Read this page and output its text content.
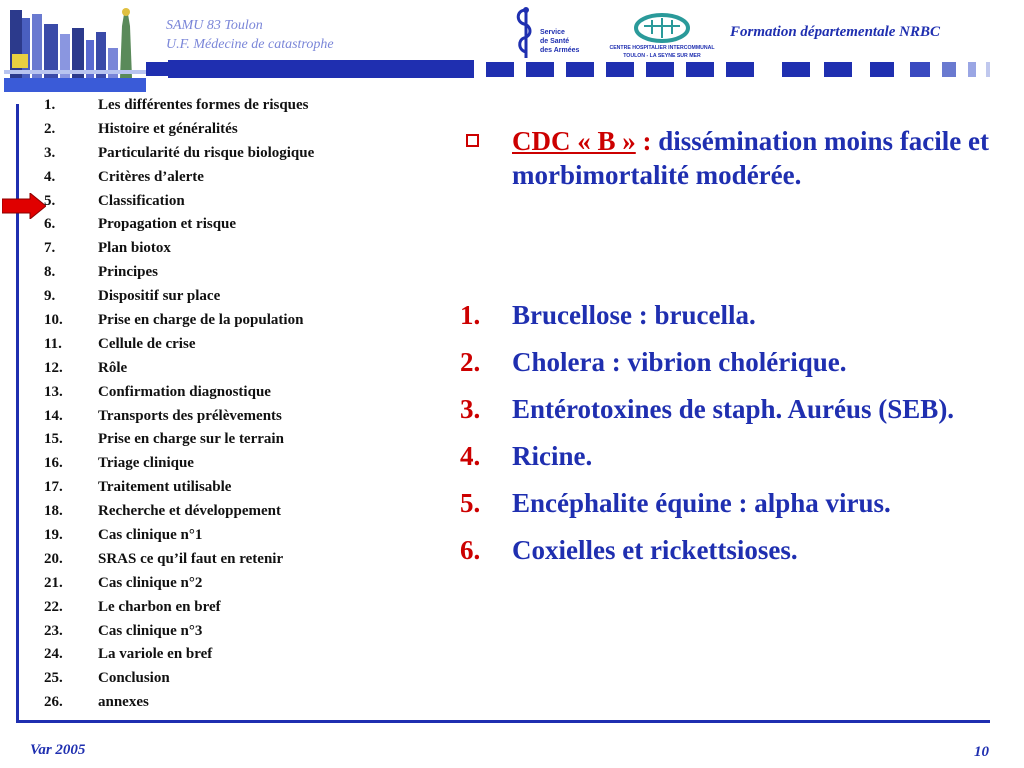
SAMU 83 Toulon
U.F. Médecine de catastrophe
Service
de Santé
des Armées	CENTRE HOSPITALIER INTERCOMMUNAL
TOULON - LA SEYNE SUR MER
Formation départementale NRBC
1.	Les différentes formes de risques
2.	Histoire et généralités
3.	Particularité du risque biologique
4.	Critères d’alerte
5.	Classification
6.	Propagation et risque
7.	Plan biotox
8.	Principes
9.	Dispositif sur place
10.	Prise en charge de la population
11.	Cellule de crise
12.	Rôle
13.	Confirmation diagnostique
14.	Transports des prélèvements
15.	Prise en charge sur le terrain
16.	Triage clinique
17.	Traitement utilisable
18.	Recherche et développement
19.	Cas clinique n°1
20.	SRAS ce qu’il faut en retenir
21.	Cas clinique n°2
22.	Le charbon en bref
23.	Cas clinique n°3
24.	La variole en bref
25.	Conclusion
26.	annexes
CDC « B » : dissémination moins facile et morbimortalité modérée.
1.	Brucellose : brucella.
2.	Cholera : vibrion cholérique.
3.	Entérotoxines de staph. Auréus (SEB).
4.	Ricine.
5.	Encéphalite équine : alpha virus.
6.	Coxielles et rickettsioses.
Var 2005	10
